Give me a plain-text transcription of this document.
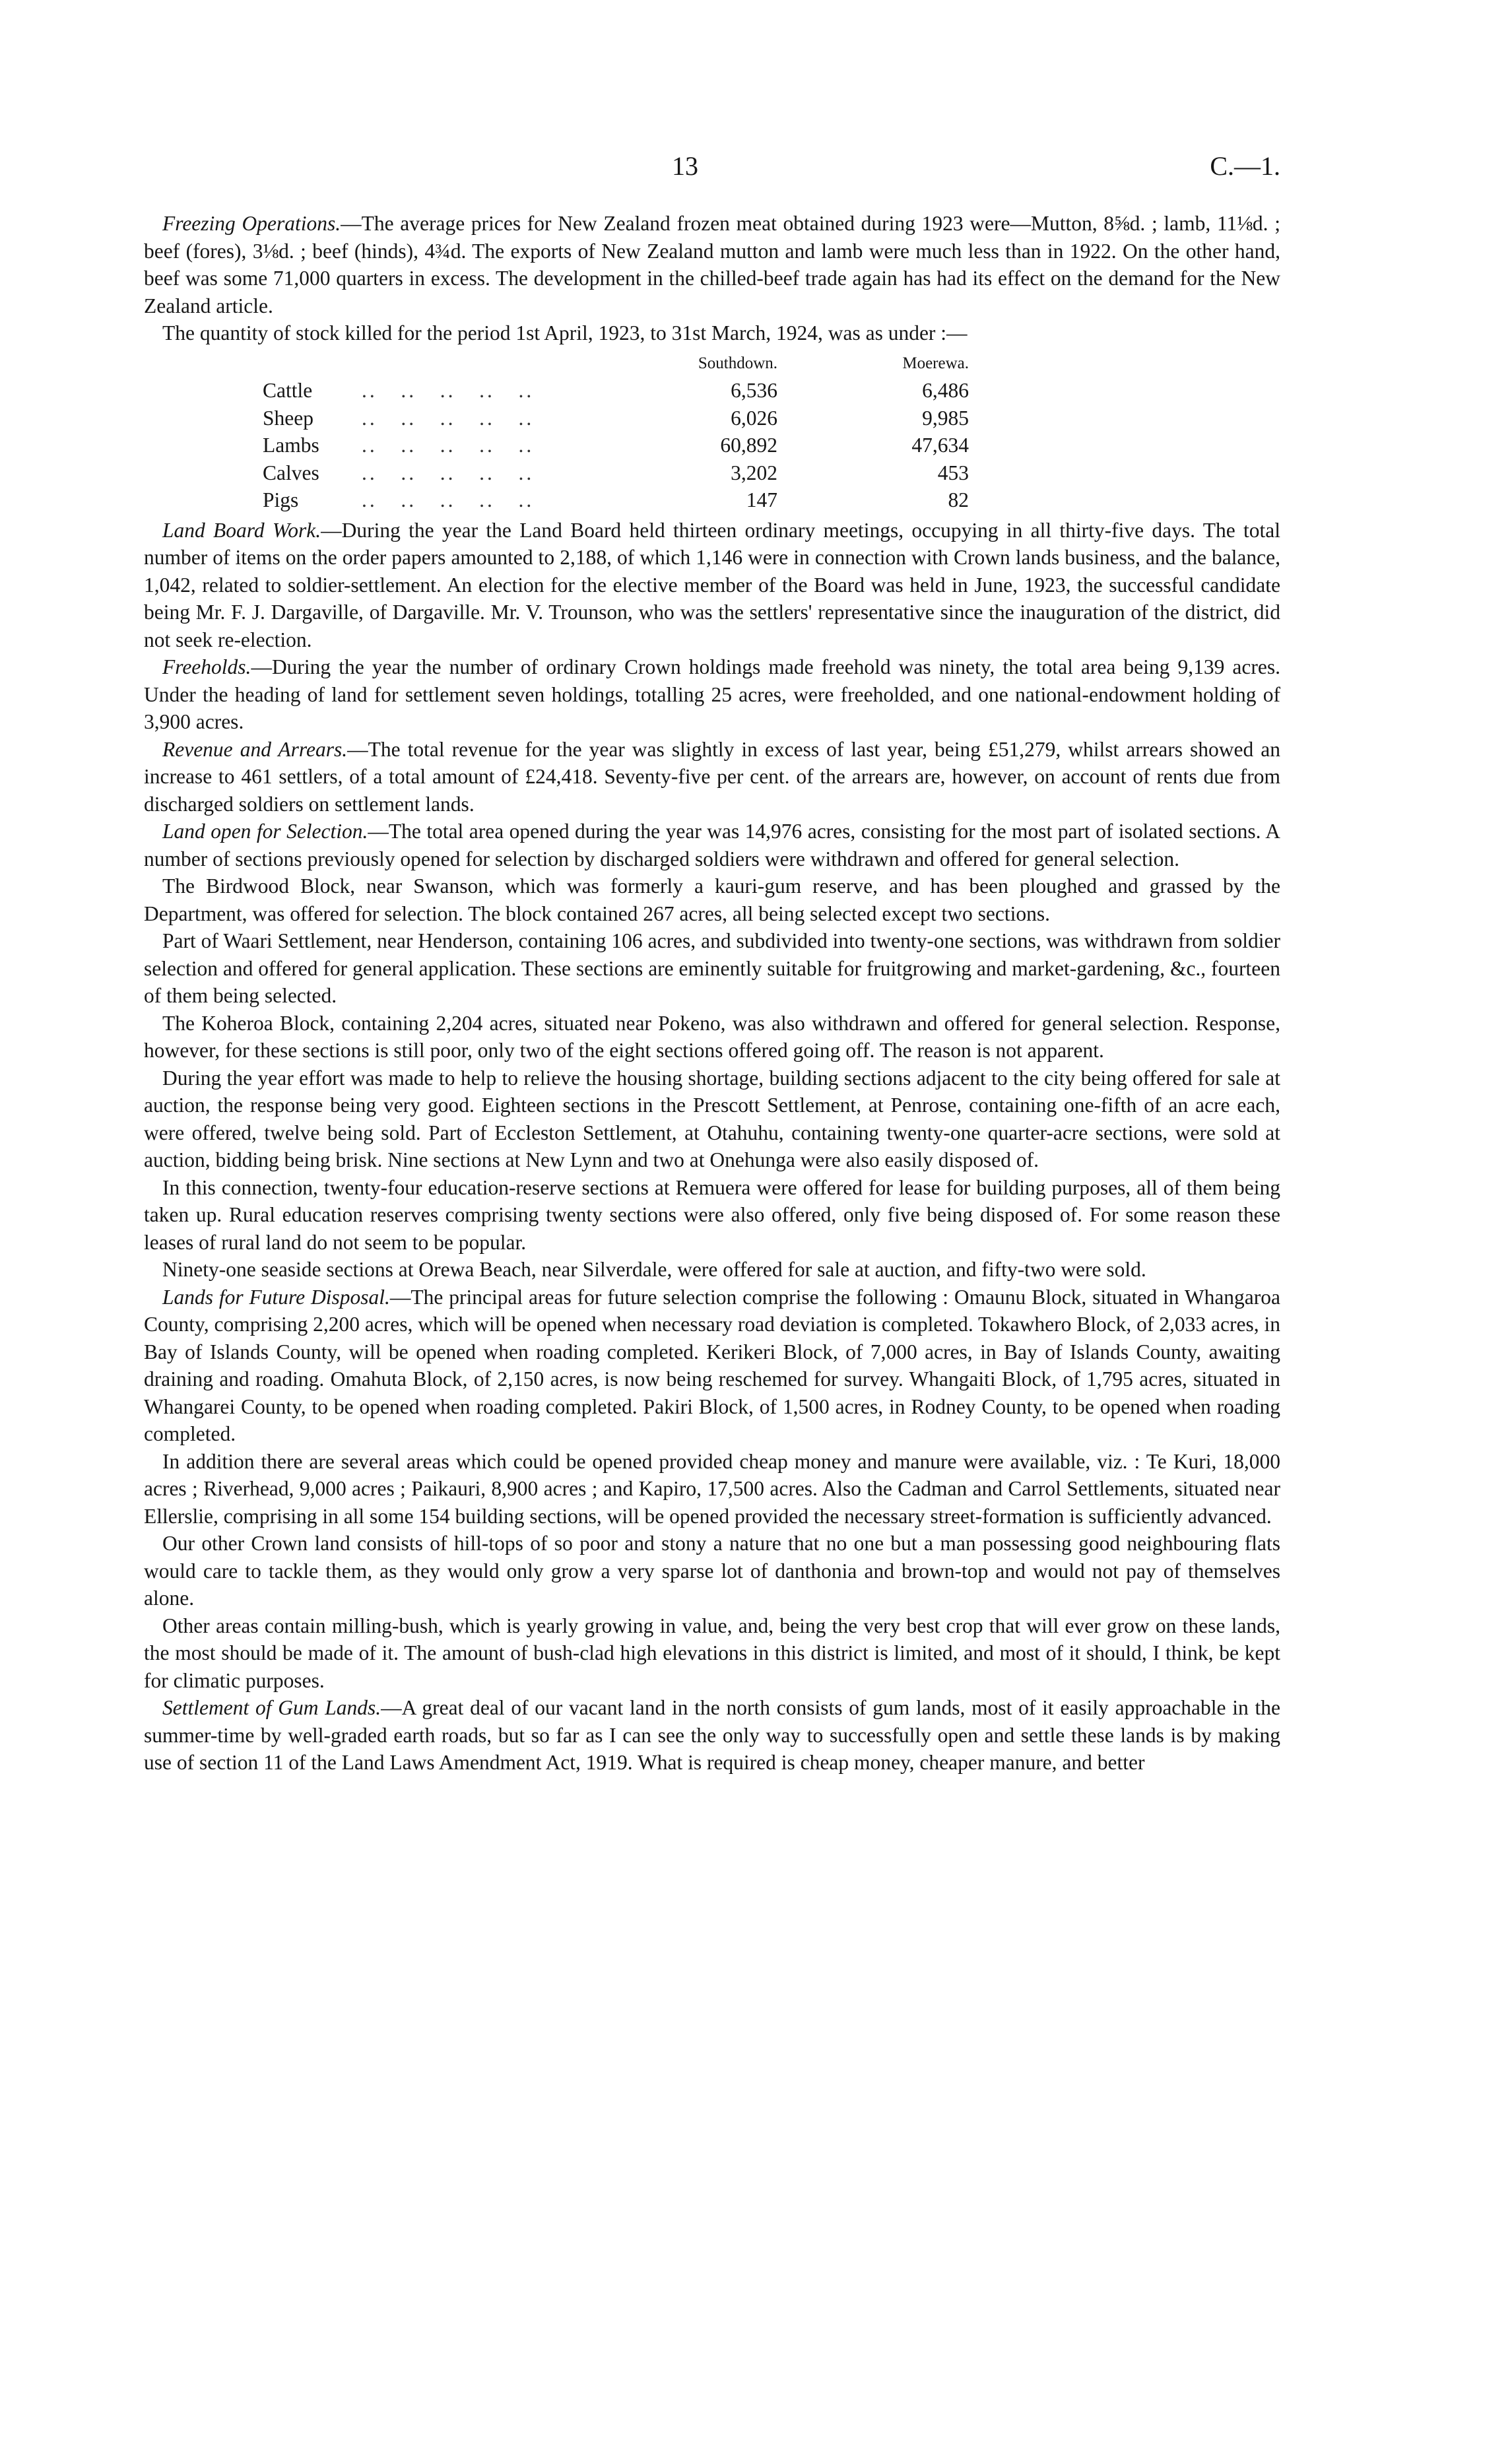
13	C.—1.

Freezing Operations.—The average prices for New Zealand frozen meat obtained during 1923 were—Mutton, 8⅝d. ; lamb, 11⅛d. ; beef (fores), 3⅛d. ; beef (hinds), 4¾d. The exports of New Zealand mutton and lamb were much less than in 1922. On the other hand, beef was some 71,000 quarters in excess. The development in the chilled-beef trade again has had its effect on the demand for the New Zealand article.

The quantity of stock killed for the period 1st April, 1923, to 31st March, 1924, was as under :—

		Southdown.	Moerewa.
Cattle	..   ..   ..   ..   ..	6,536	6,486
Sheep	..   ..   ..   ..   ..	6,026	9,985
Lambs	..   ..   ..   ..   ..	60,892	47,634
Calves	..   ..   ..   ..   ..	3,202	453
Pigs	..   ..   ..   ..   ..	147	82

Land Board Work.—During the year the Land Board held thirteen ordinary meetings, occupying in all thirty-five days. The total number of items on the order papers amounted to 2,188, of which 1,146 were in connection with Crown lands business, and the balance, 1,042, related to soldier-settlement. An election for the elective member of the Board was held in June, 1923, the successful candidate being Mr. F. J. Dargaville, of Dargaville. Mr. V. Trounson, who was the settlers' representative since the inauguration of the district, did not seek re-election.

Freeholds.—During the year the number of ordinary Crown holdings made freehold was ninety, the total area being 9,139 acres. Under the heading of land for settlement seven holdings, totalling 25 acres, were freeholded, and one national-endowment holding of 3,900 acres.

Revenue and Arrears.—The total revenue for the year was slightly in excess of last year, being £51,279, whilst arrears showed an increase to 461 settlers, of a total amount of £24,418. Seventy-five per cent. of the arrears are, however, on account of rents due from discharged soldiers on settlement lands.

Land open for Selection.—The total area opened during the year was 14,976 acres, consisting for the most part of isolated sections. A number of sections previously opened for selection by discharged soldiers were withdrawn and offered for general selection.

The Birdwood Block, near Swanson, which was formerly a kauri-gum reserve, and has been ploughed and grassed by the Department, was offered for selection. The block contained 267 acres, all being selected except two sections.

Part of Waari Settlement, near Henderson, containing 106 acres, and subdivided into twenty-one sections, was withdrawn from soldier selection and offered for general application. These sections are eminently suitable for fruitgrowing and market-gardening, &c., fourteen of them being selected.

The Koheroa Block, containing 2,204 acres, situated near Pokeno, was also withdrawn and offered for general selection. Response, however, for these sections is still poor, only two of the eight sections offered going off. The reason is not apparent.

During the year effort was made to help to relieve the housing shortage, building sections adjacent to the city being offered for sale at auction, the response being very good. Eighteen sections in the Prescott Settlement, at Penrose, containing one-fifth of an acre each, were offered, twelve being sold. Part of Eccleston Settlement, at Otahuhu, containing twenty-one quarter-acre sections, were sold at auction, bidding being brisk. Nine sections at New Lynn and two at Onehunga were also easily disposed of.

In this connection, twenty-four education-reserve sections at Remuera were offered for lease for building purposes, all of them being taken up. Rural education reserves comprising twenty sections were also offered, only five being disposed of. For some reason these leases of rural land do not seem to be popular.

Ninety-one seaside sections at Orewa Beach, near Silverdale, were offered for sale at auction, and fifty-two were sold.

Lands for Future Disposal.—The principal areas for future selection comprise the following : Omaunu Block, situated in Whangaroa County, comprising 2,200 acres, which will be opened when necessary road deviation is completed. Tokawhero Block, of 2,033 acres, in Bay of Islands County, will be opened when roading completed. Kerikeri Block, of 7,000 acres, in Bay of Islands County, awaiting draining and roading. Omahuta Block, of 2,150 acres, is now being reschemed for survey. Whangaiti Block, of 1,795 acres, situated in Whangarei County, to be opened when roading completed. Pakiri Block, of 1,500 acres, in Rodney County, to be opened when roading completed.

In addition there are several areas which could be opened provided cheap money and manure were available, viz. : Te Kuri, 18,000 acres ; Riverhead, 9,000 acres ; Paikauri, 8,900 acres ; and Kapiro, 17,500 acres. Also the Cadman and Carrol Settlements, situated near Ellerslie, comprising in all some 154 building sections, will be opened provided the necessary street-formation is sufficiently advanced.

Our other Crown land consists of hill-tops of so poor and stony a nature that no one but a man possessing good neighbouring flats would care to tackle them, as they would only grow a very sparse lot of danthonia and brown-top and would not pay of themselves alone.

Other areas contain milling-bush, which is yearly growing in value, and, being the very best crop that will ever grow on these lands, the most should be made of it. The amount of bush-clad high elevations in this district is limited, and most of it should, I think, be kept for climatic purposes.

Settlement of Gum Lands.—A great deal of our vacant land in the north consists of gum lands, most of it easily approachable in the summer-time by well-graded earth roads, but so far as I can see the only way to successfully open and settle these lands is by making use of section 11 of the Land Laws Amendment Act, 1919. What is required is cheap money, cheaper manure, and better
